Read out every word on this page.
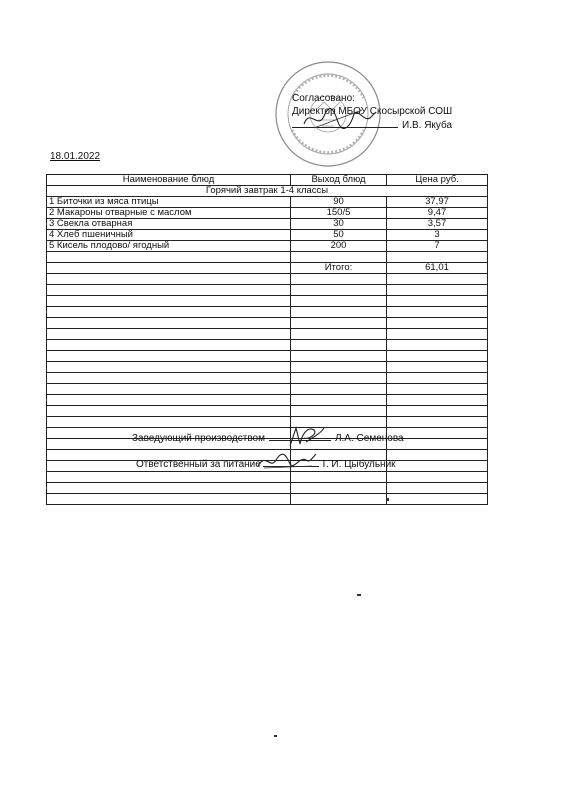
Согласовано:
Директор МБОУ Скосырской СОШ
И.В. Якуба
18.01.2022
Наименование блюд	Выход блюд	Цена руб.
Горячий завтрак 1-4 классы		
1 Биточки из мяса птицы	90	37,97
2 Макароны отварные с маслом	150/5	9,47
3 Свекла отварная	30	3,57
4 Хлеб пшеничный	50	3
5 Кисель плодово/ ягодный	200	7

	Итого:	61,01

Заведующий производством	Л.А. Семенова
Ответственный за питание	Т. И. Цыбульник
